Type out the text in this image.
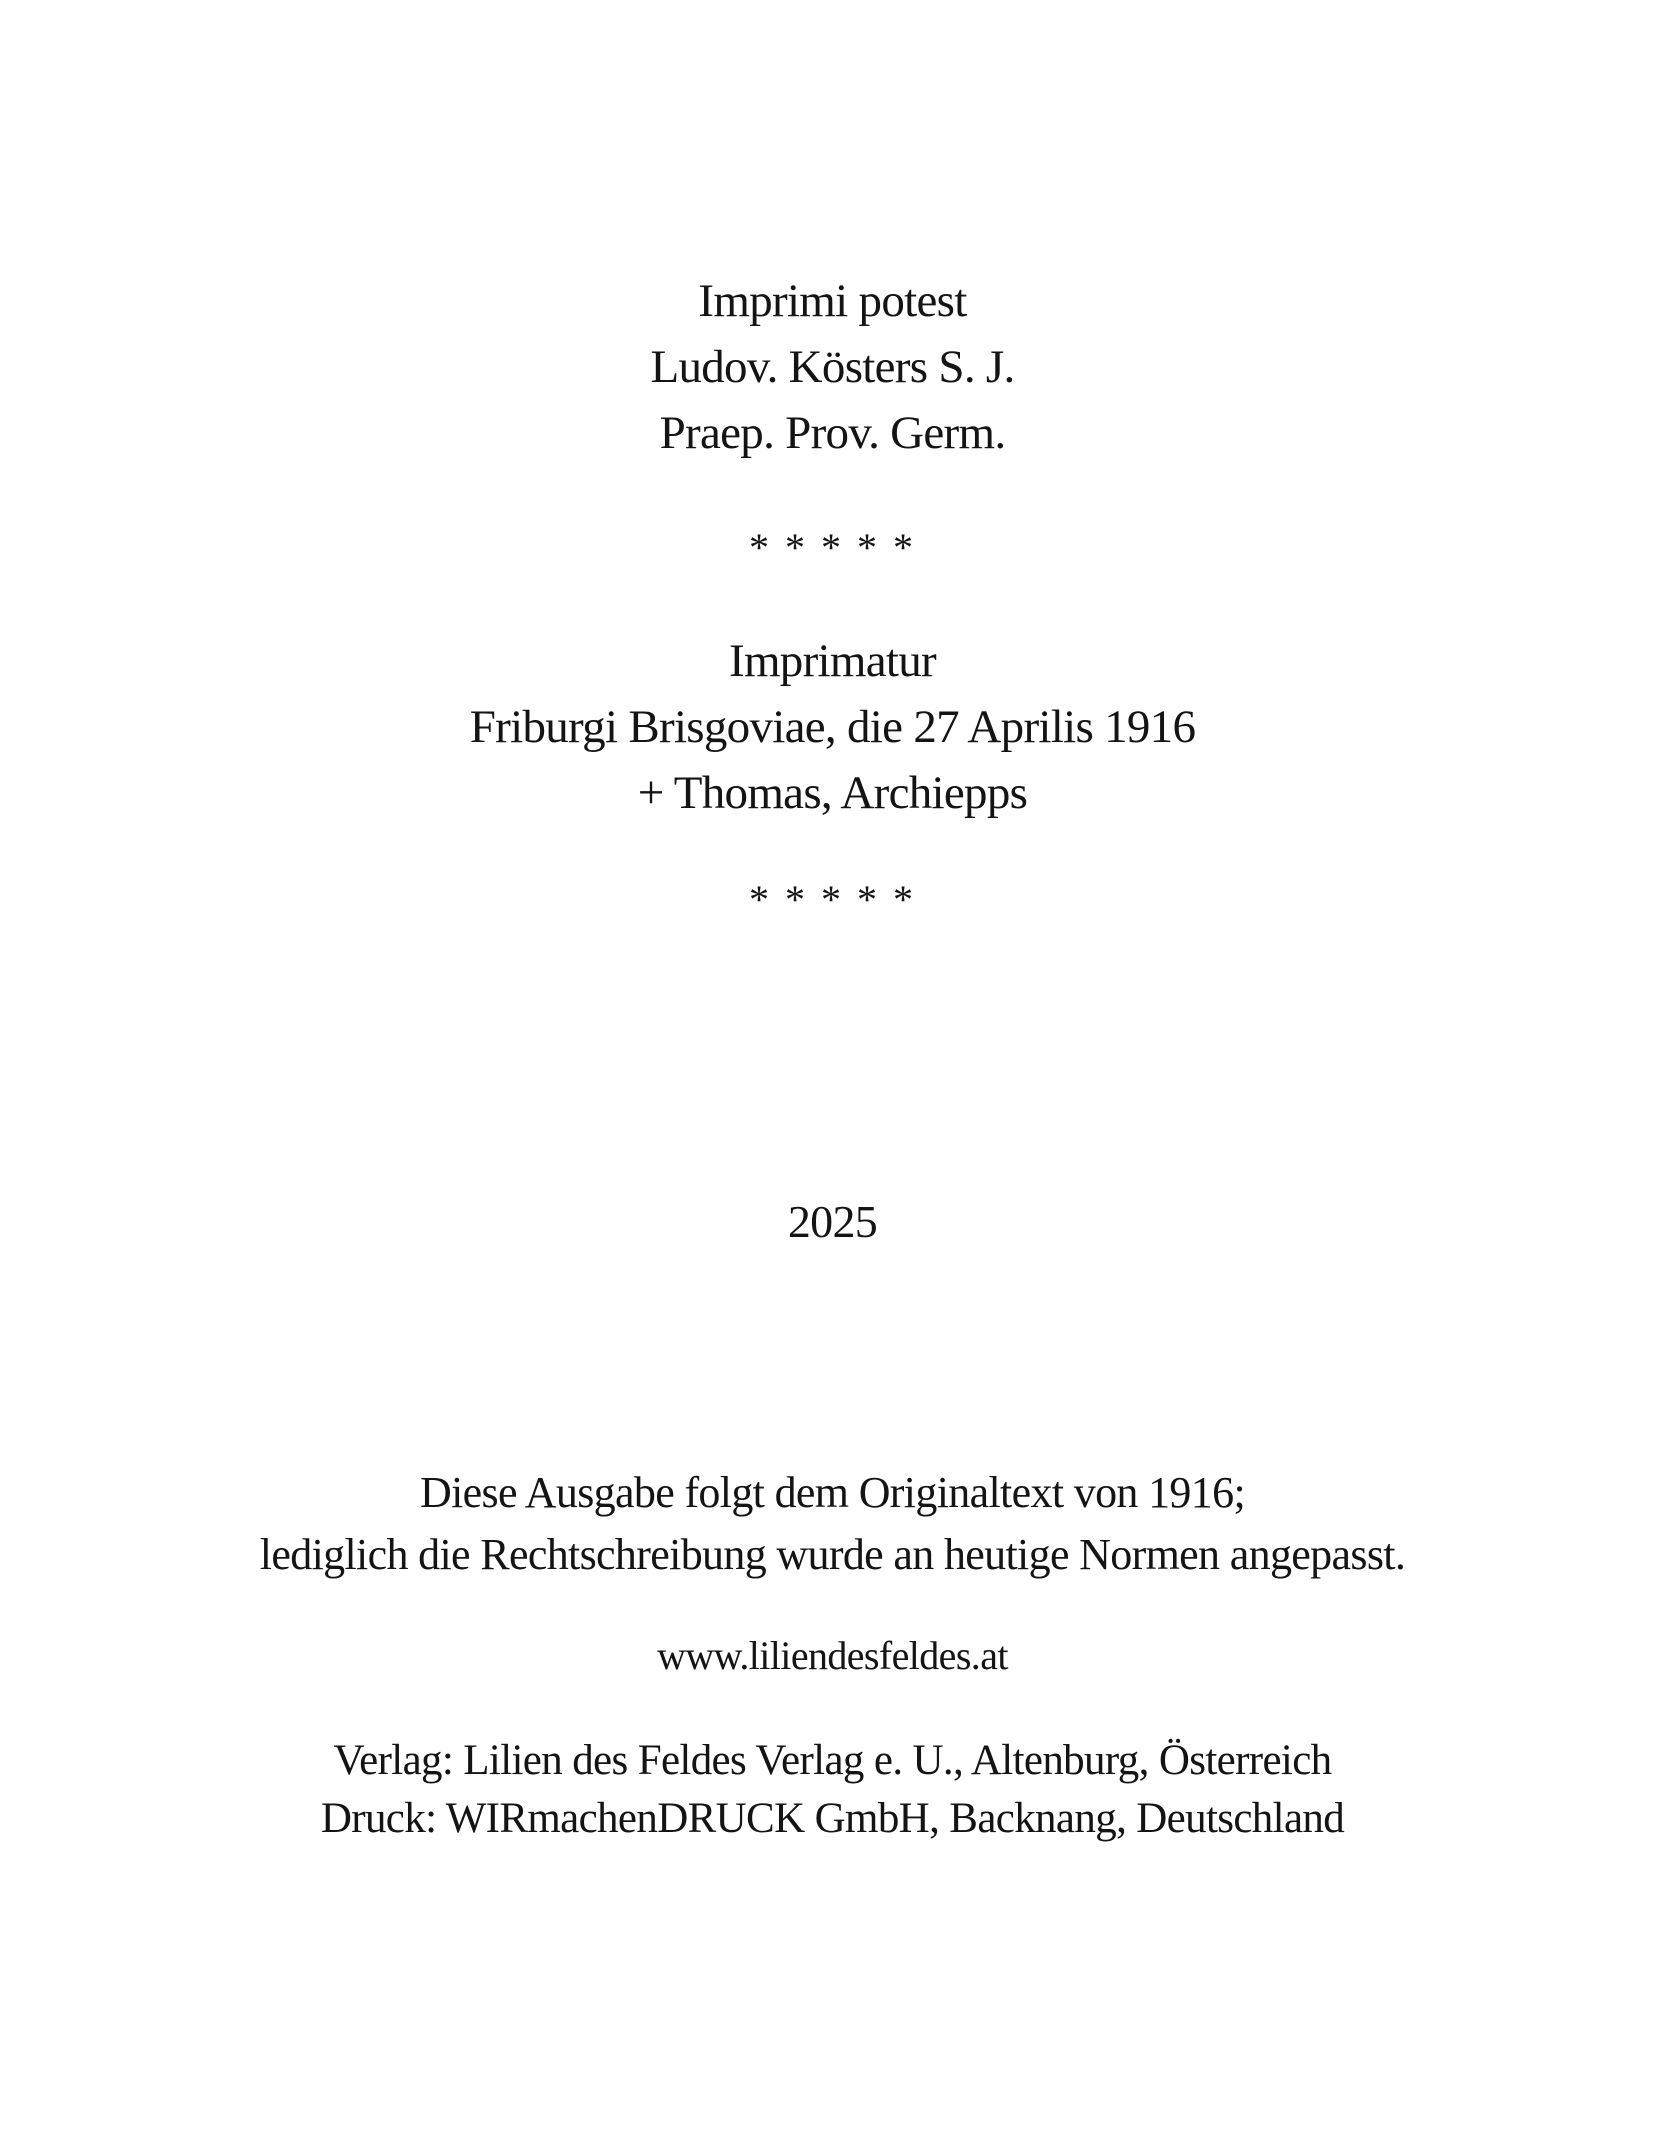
Imprimi potest
Ludov. Kösters S. J.
Praep. Prov. Germ.
* * * * *
Imprimatur
Friburgi Brisgoviae, die 27 Aprilis 1916
+ Thomas, Archiepps
* * * * *
2025
Diese Ausgabe folgt dem Originaltext von 1916;
lediglich die Rechtschreibung wurde an heutige Normen angepasst.
www.liliendesfeldes.at
Verlag: Lilien des Feldes Verlag e. U., Altenburg, Österreich
Druck: WIRmachenDRUCK GmbH, Backnang, Deutschland
